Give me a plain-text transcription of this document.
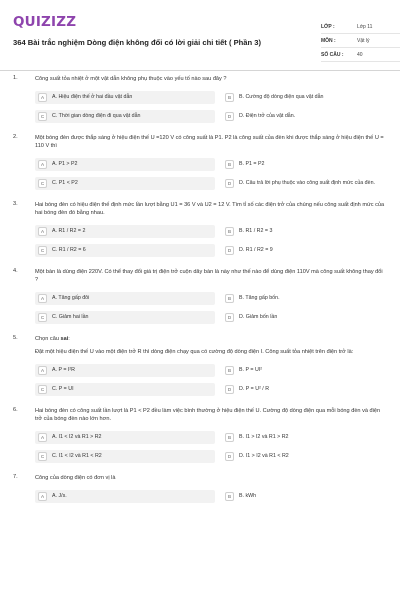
QUIZIZZ
364 Bài trắc nghiệm Dòng điện không đổi có lời giải chi tiết ( Phần 3)
LỚP :	Lớp 11
MÔN :	Vật lý
SỐ CÂU :	40
1.	Công suất tỏa nhiệt ở một vật dẫn không phụ thuộc vào yếu tố nào sau đây ?
A	A. Hiệu điện thế ở hai đầu vật dẫn	B	B. Cường độ dòng điện qua vật dẫn
C	C. Thời gian dòng điện đi qua vật dẫn	D	D. Điện trở của vật dẫn.
2.	Một bóng đèn được thắp sáng ở hiệu điện thế U =120 V có công suất là P1. P2 là công suất của đèn khi được thắp sáng ở hiệu điện thế U = 110 V thì
A	A. P1 > P2	B	B. P1 = P2
C	C. P1 < P2	D	D. Câu trả lời phụ thuộc vào công suất định mức của đèn.
3.	Hai bóng đèn có hiệu điện thế định mức lần lượt bằng U1 = 36 V và U2 = 12 V. Tìm tỉ số các điện trở của chúng nếu công suất định mức của hai bóng đèn đó bằng nhau.
A	A. R1 / R2 = 2	B	B. R1 / R2 = 3
C	C. R1 / R2 = 6	D	D. R1 / R2 = 9
4.	Một bàn là dùng điện 220V. Có thể thay đổi giá trị điện trở cuộn dây bàn là này như thế nào để dùng điện 110V mà công suất không thay đổi ?
A	A. Tăng gấp đôi	B	B. Tăng gấp bốn.
C	C. Giảm hai lần	D	D. Giảm bốn lần
5.	Chọn câu sai:
Đặt một hiệu điện thế U vào một điện trở R thì dòng điện chạy qua có cường độ dòng điện I. Công suất tỏa nhiệt trên điện trở là:
A	A. P = I²R	B	B. P = UI²
C	C. P = UI	D	D. P = U² / R
6.	Hai bóng đèn có công suất lần lượt là P1 < P2 đều làm việc bình thường ở hiệu điện thế U. Cường độ dòng điện qua mỗi bóng đèn và điện trở của bóng đèn nào lớn hơn.
A	A. I1 < I2 và R1 > R2	B	B. I1 > I2 và R1 > R2
C	C. I1 < I2 và R1 < R2	D	D. I1 > I2 và R1 < R2
7.	Công của dòng điện có đơn vị là
A	A. J/s.	B	B. kWh
